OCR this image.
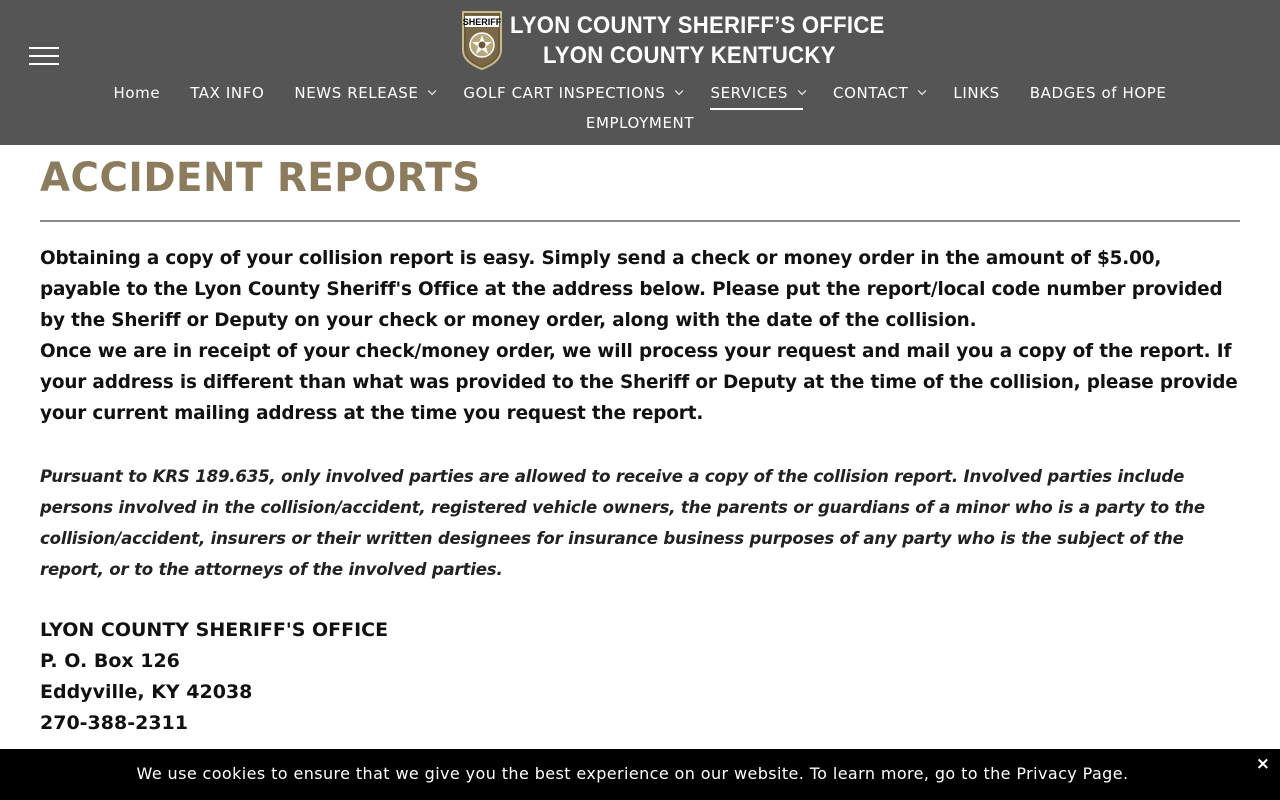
SHERIFF LYON COUNTY SHERIFF’S OFFICE
LYON COUNTY KENTUCKY
Home TAX INFO NEWS RELEASE	GOLF CART INSPECTIONS	SERVICES	CONTACT	LINKS BADGES of HOPE
EMPLOYMENT
ACCIDENT REPORTS
Obtaining a copy of your collision report is easy. Simply send a check or money order in the amount of $5.00, payable to the Lyon County Sheriff's Office at the address below. Please put the report/local code number provided by the Sheriff or Deputy on your check or money order, along with the date of the collision.
Once we are in receipt of your check/money order, we will process your request and mail you a copy of the report. If your address is different than what was provided to the Sheriff or Deputy at the time of the collision, please provide your current mailing address at the time you request the report.
Pursuant to KRS 189.635, only involved parties are allowed to receive a copy of the collision report. Involved parties include persons involved in the collision/accident, registered vehicle owners, the parents or guardians of a minor who is a party to the collision/accident, insurers or their written designees for insurance business purposes of any party who is the subject of the report, or to the attorneys of the involved parties.
LYON COUNTY SHERIFF'S OFFICE
P. O. Box 126
Eddyville, KY 42038
270-388-2311
We use cookies to ensure that we give you the best experience on our website. To learn more, go to the Privacy Page.	×
